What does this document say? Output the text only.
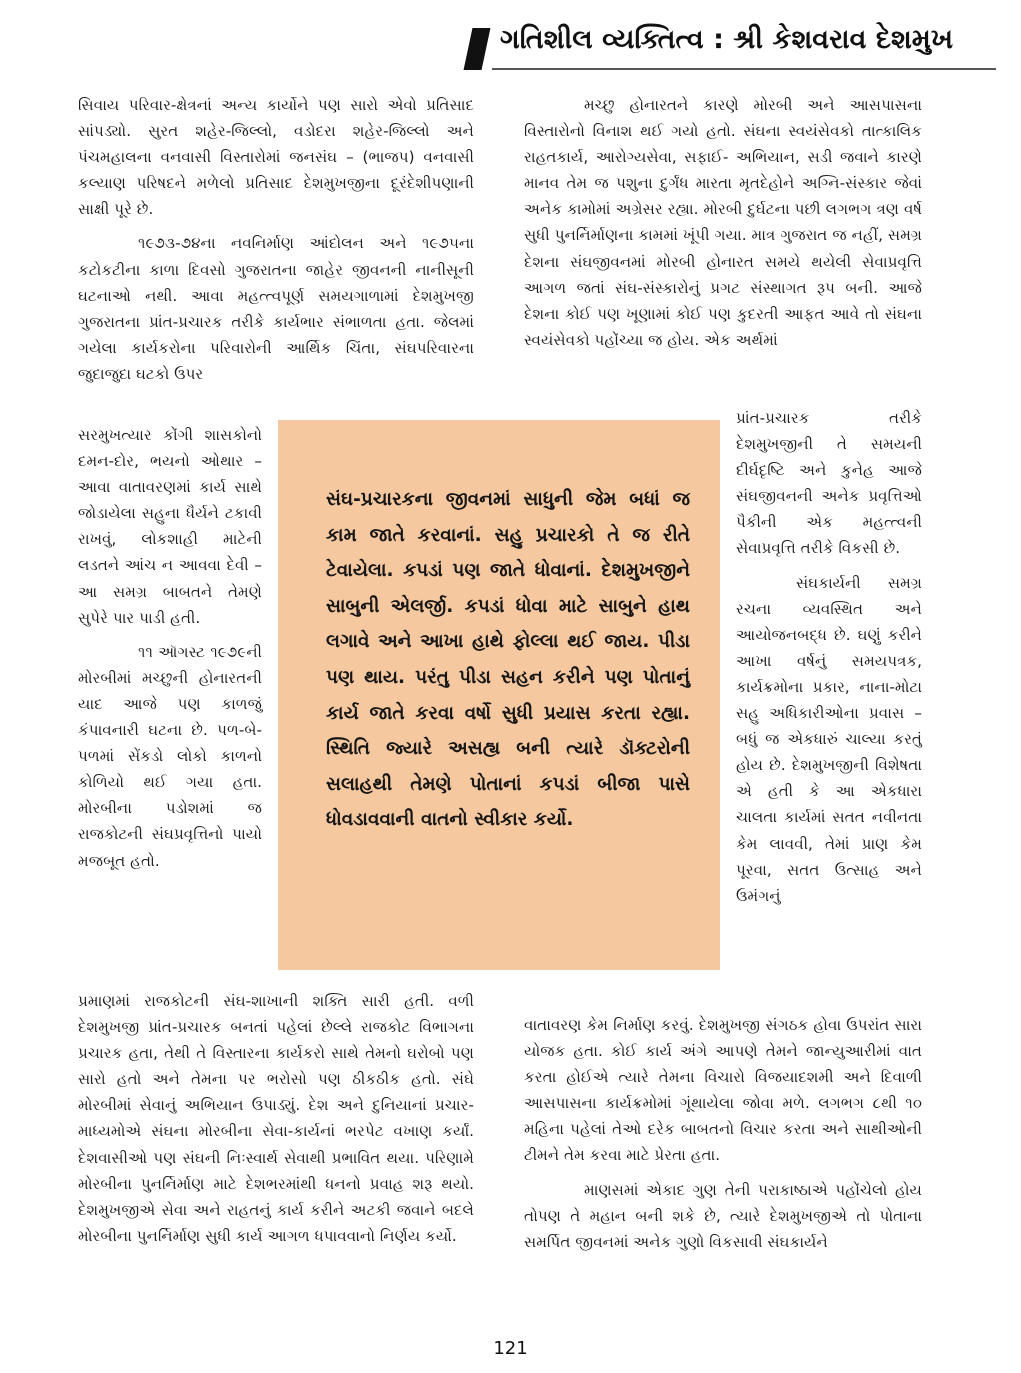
ગતિશીલ વ્યક્તિત્વ : શ્રી કેશવરાવ દેશમુખ

સિવાય પરિવાર-ક્ષેત્રનાં અન્ય કાર્યોને પણ સારો એવો પ્રતિસાદ સાંપડ્યો. સુરત શહેર-જિલ્લો, વડોદરા શહેર-જિલ્લો અને પંચમહાલના વનવાસી વિસ્તારોમાં જનસંઘ – (ભાજપ) વનવાસી કલ્યાણ પરિષદને મળેલો પ્રતિસાદ દેશમુખજીના દૂરંદેશીપણાની સાક્ષી પૂરે છે.

૧૯૭૩-૭૪ના નવનિર્માણ આંદોલન અને ૧૯૭૫ના કટોકટીના કાળા દિવસો ગુજરાતના જાહેર જીવનની નાનીસૂની ઘટનાઓ નથી. આવા મહત્ત્વપૂર્ણ સમયગાળામાં દેશમુખજી ગુજરાતના પ્રાંત-પ્રચારક તરીકે કાર્યભાર સંભાળતા હતા. જેલમાં ગયેલા કાર્યકરોના પરિવારોની આર્થિક ચિંતા, સંઘપરિવારના જુદાજુદા ઘટકો ઉપર

સરમુખત્યાર કોંગી શાસકોનો દમન-દોર, ભયનો ઓથાર – આવા વાતાવરણમાં કાર્ય સાથે જોડાયેલા સહુના ધૈર્યને ટકાવી રાખવું, લોકશાહી માટેની લડતને આંચ ન આવવા દેવી – આ સમગ્ર બાબતને તેમણે સુપેરે પાર પાડી હતી.

૧૧ ઑગસ્ટ ૧૯૭૯ની મોરબીમાં મચ્છુની હોનારતની યાદ આજે પણ કાળજું કંપાવનારી ઘટના છે. પળ-બે-પળમાં સેંકડો લોકો કાળનો કોળિયો થઈ ગયા હતા. મોરબીના પડોશમાં જ રાજકોટની સંઘપ્રવૃત્તિનો પાયો મજબૂત હતો.

પ્રમાણમાં રાજકોટની સંઘ-શાખાની શક્તિ સારી હતી. વળી દેશમુખજી પ્રાંત-પ્રચારક બનતાં પહેલાં છેલ્લે રાજકોટ વિભાગના પ્રચારક હતા, તેથી તે વિસ્તારના કાર્યકરો સાથે તેમનો ઘરોબો પણ સારો હતો અને તેમના પર ભરોસો પણ ઠીકઠીક હતો. સંઘે મોરબીમાં સેવાનું અભિયાન ઉપાડ્યું. દેશ અને દુનિયાનાં પ્રચાર-માધ્યમોએ સંઘના મોરબીના સેવા-કાર્યનાં ભરપેટ વખાણ કર્યાં. દેશવાસીઓ પણ સંઘની નિઃસ્વાર્થ સેવાથી પ્રભાવિત થયા. પરિણામે મોરબીના પુનર્નિર્માણ માટે દેશભરમાંથી ધનનો પ્રવાહ શરૂ થયો. દેશમુખજીએ સેવા અને રાહતનું કાર્ય કરીને અટકી જવાને બદલે મોરબીના પુનર્નિર્માણ સુધી કાર્ય આગળ ધપાવવાનો નિર્ણય કર્યો.

મચ્છુ હોનારતને કારણે મોરબી અને આસપાસના વિસ્તારોનો વિનાશ થઈ ગયો હતો. સંઘના સ્વયંસેવકો તાત્કાલિક રાહતકાર્ય, આરોગ્યસેવા, સફાઈ- અભિયાન, સડી જવાને કારણે માનવ તેમ જ પશુના દુર્ગંધ મારતા મૃતદેહોને અગ્નિ-સંસ્કાર જેવાં અનેક કામોમાં અગ્રેસર રહ્યા. મોરબી દુર્ઘટના પછી લગભગ ત્રણ વર્ષ સુધી પુનર્નિર્માણના કામમાં ખૂંપી ગયા. માત્ર ગુજરાત જ નહીં, સમગ્ર દેશના સંઘજીવનમાં મોરબી હોનારત સમયે થયેલી સેવાપ્રવૃત્તિ આગળ જતાં સંઘ-સંસ્કારોનું પ્રગટ સંસ્થાગત રૂપ બની. આજે દેશના કોઈ પણ ખૂણામાં કોઈ પણ કુદરતી આફત આવે તો સંઘના સ્વયંસેવકો પહોંચ્યા જ હોય. એક અર્થમાં

પ્રાંત-પ્રચારક તરીકે દેશમુખજીની તે સમયની દીર્ઘદૃષ્ટિ અને કુનેહ આજે સંઘજીવનની અનેક પ્રવૃત્તિઓ પૈકીની એક મહત્ત્વની સેવાપ્રવૃત્તિ તરીકે વિકસી છે.

સંઘકાર્યની સમગ્ર રચના વ્યવસ્થિત અને આયોજનબદ્ધ છે. ઘણું કરીને આખા વર્ષનું સમયપત્રક, કાર્યક્રમોના પ્રકાર, નાના-મોટા સહુ અધિકારીઓના પ્રવાસ – બધું જ એકધારું ચાલ્યા કરતું હોય છે. દેશમુખજીની વિશેષતા એ હતી કે આ એકધારા ચાલતા કાર્યમાં સતત નવીનતા કેમ લાવવી, તેમાં પ્રાણ કેમ પૂરવા, સતત ઉત્સાહ અને ઉમંગનું

વાતાવરણ કેમ નિર્માણ કરવું. દેશમુખજી સંગઠક હોવા ઉપરાંત સારા યોજક હતા. કોઈ કાર્ય અંગે આપણે તેમને જાન્યુઆરીમાં વાત કરતા હોઈએ ત્યારે તેમના વિચારો વિજયાદશમી અને દિવાળી આસપાસના કાર્યક્રમોમાં ગૂંથાયેલા જોવા મળે. લગભગ ૮થી ૧૦ મહિના પહેલાં તેઓ દરેક બાબતનો વિચાર કરતા અને સાથીઓની ટીમને તેમ કરવા માટે પ્રેરતા હતા.

માણસમાં એકાદ ગુણ તેની પરાકાષ્ઠાએ પહોંચેલો હોય તોપણ તે મહાન બની શકે છે, ત્યારે દેશમુખજીએ તો પોતાના સમર્પિત જીવનમાં અનેક ગુણો વિકસાવી સંઘકાર્યને

સંઘ-પ્રચારકના જીવનમાં સાધુની જેમ બધાં જ કામ જાતે કરવાનાં. સહુ પ્રચારકો તે જ રીતે ટેવાયેલા. કપડાં પણ જાતે ધોવાનાં. દેશમુખજીને સાબુની એલર્જી. કપડાં ધોવા માટે સાબુને હાથ લગાવે અને આખા હાથે ફોલ્લા થઈ જાય. પીડા પણ થાય. પરંતુ પીડા સહન કરીને પણ પોતાનું કાર્ય જાતે કરવા વર્ષો સુધી પ્રયાસ કરતા રહ્યા. સ્થિતિ જ્યારે અસહ્ય બની ત્યારે ડૉક્ટરોની સલાહથી તેમણે પોતાનાં કપડાં બીજા પાસે ધોવડાવવાની વાતનો સ્વીકાર કર્યો.

121
